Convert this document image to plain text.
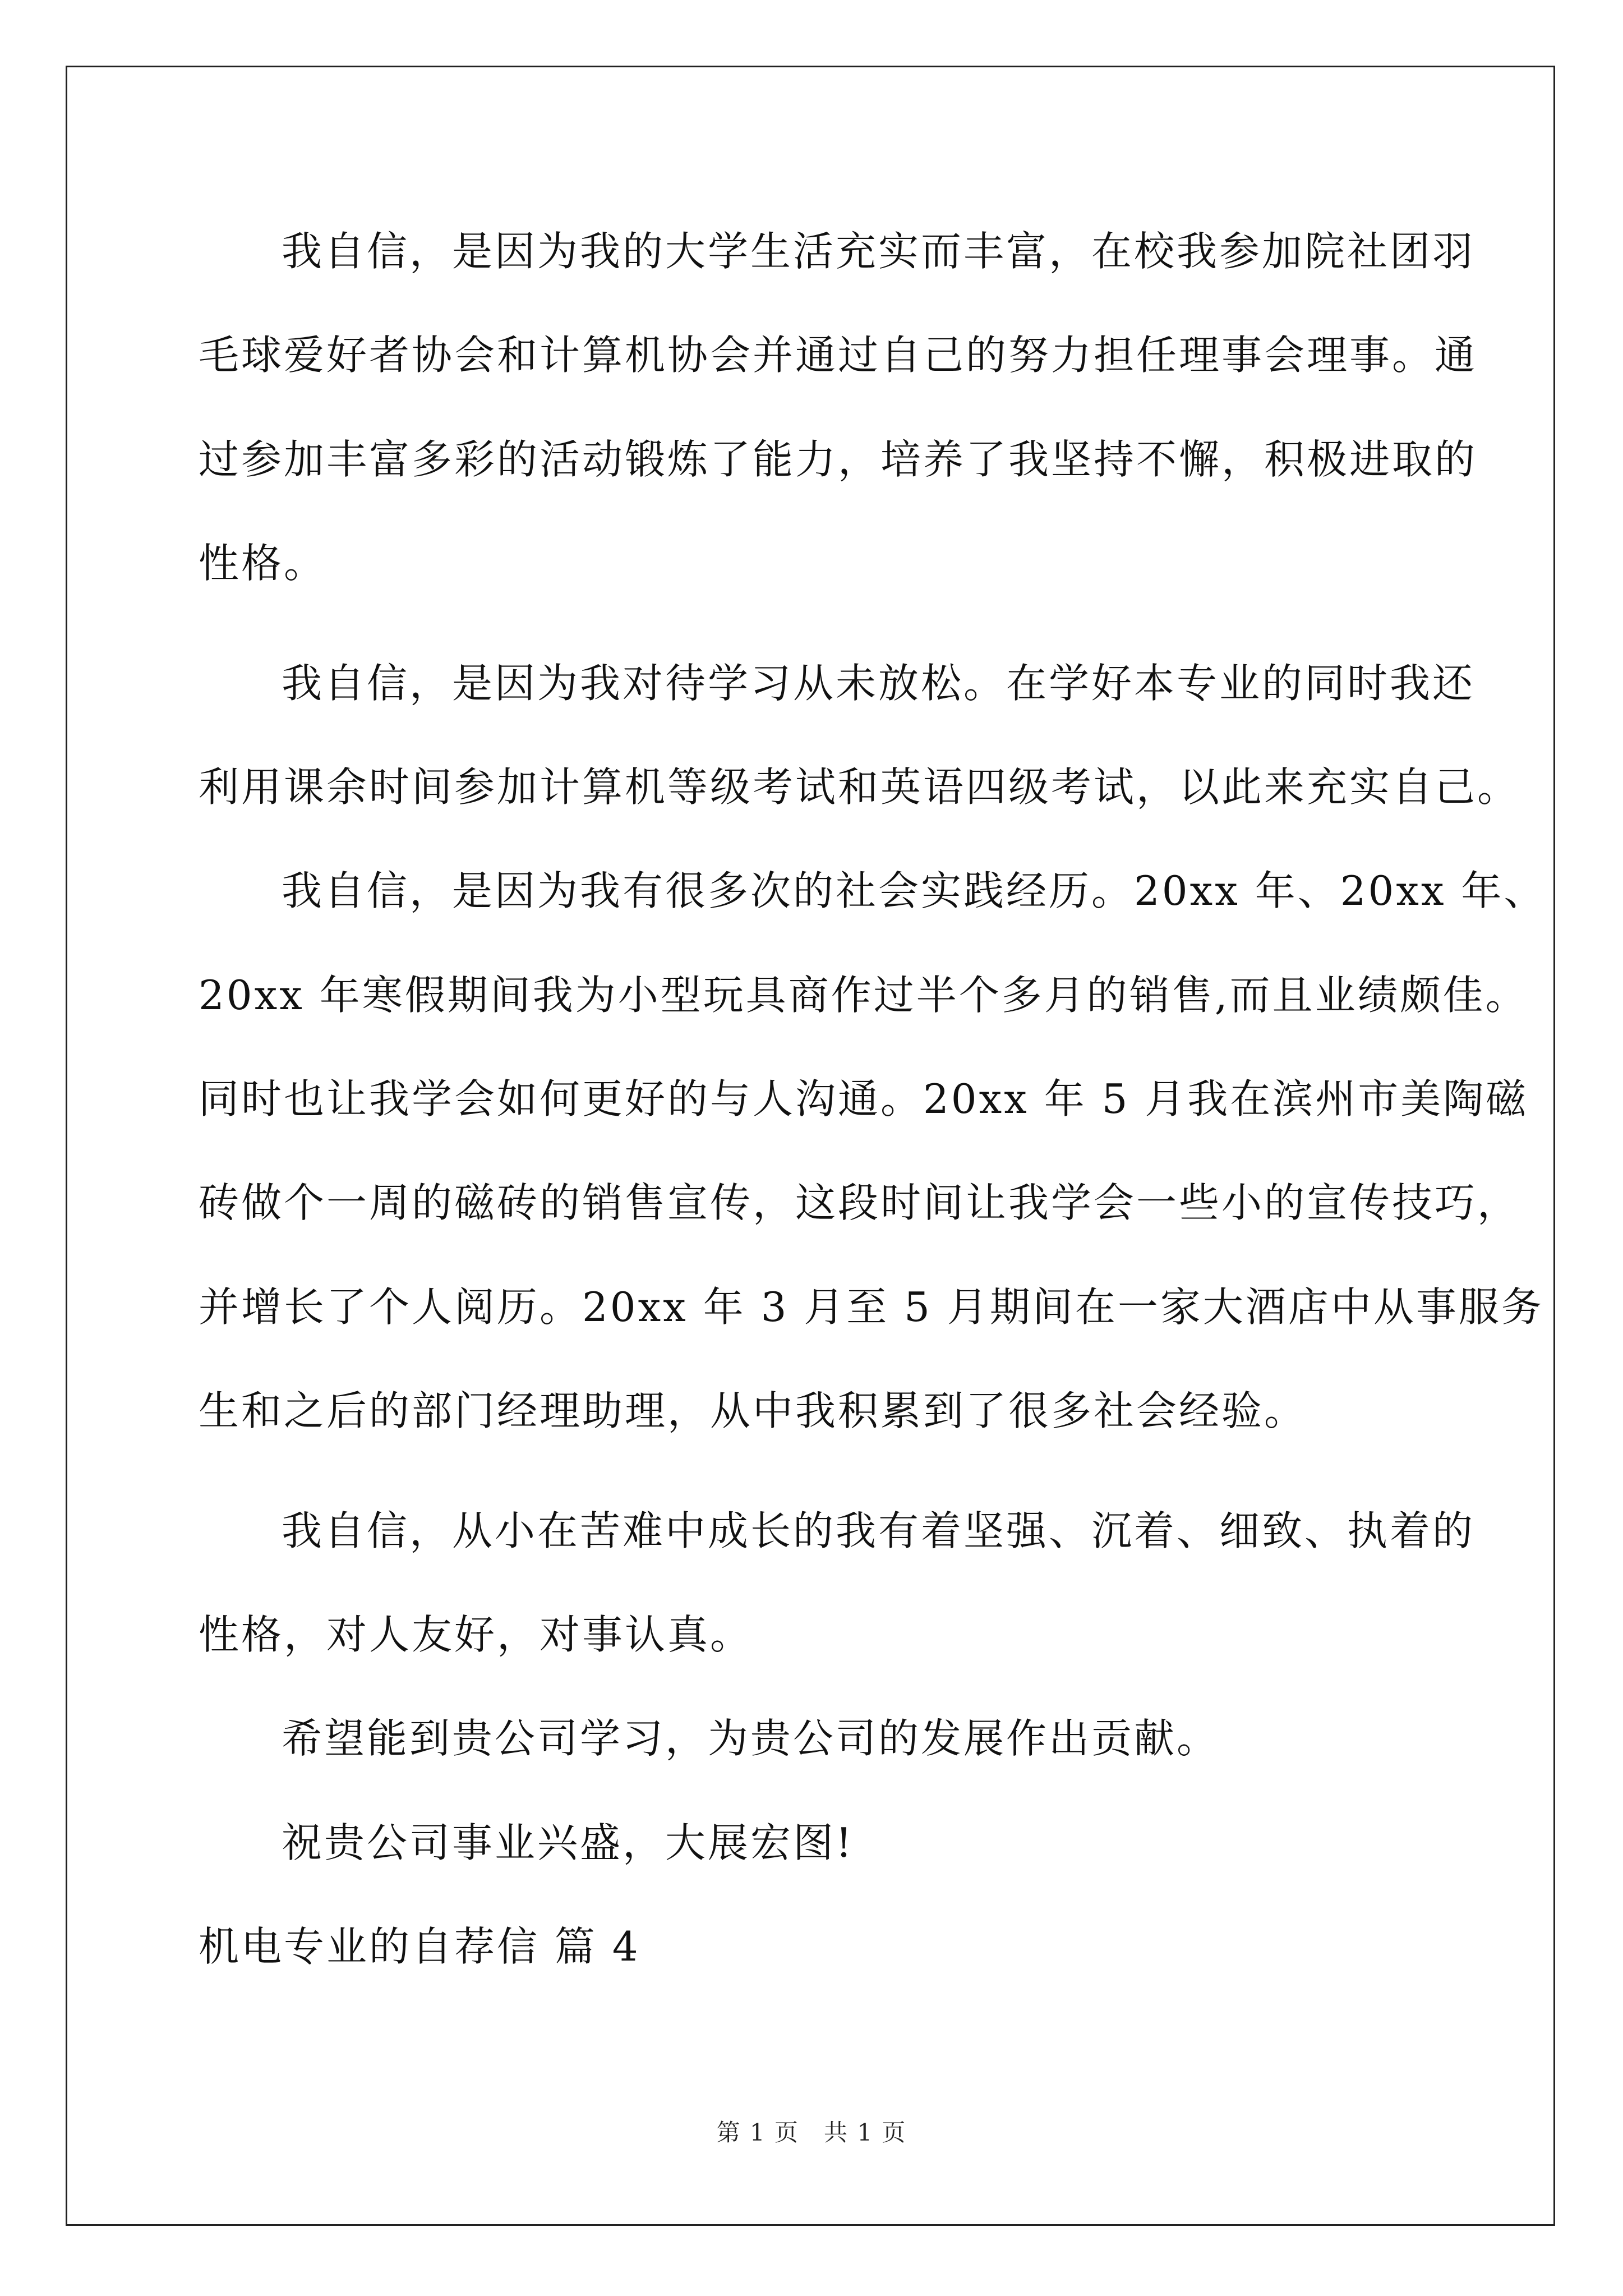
我自信，是因为我的大学生活充实而丰富，在校我参加院社团羽
毛球爱好者协会和计算机协会并通过自己的努力担任理事会理事。通
过参加丰富多彩的活动锻炼了能力，培养了我坚持不懈，积极进取的
性格。
我自信，是因为我对待学习从未放松。在学好本专业的同时我还
利用课余时间参加计算机等级考试和英语四级考试，以此来充实自己。
我自信，是因为我有很多次的社会实践经历。20xx 年、20xx 年、
20xx 年寒假期间我为小型玩具商作过半个多月的销售,而且业绩颇佳。
同时也让我学会如何更好的与人沟通。20xx 年 5 月我在滨州市美陶磁
砖做个一周的磁砖的销售宣传，这段时间让我学会一些小的宣传技巧，
并增长了个人阅历。20xx 年 3 月至 5 月期间在一家大酒店中从事服务
生和之后的部门经理助理，从中我积累到了很多社会经验。
我自信，从小在苦难中成长的我有着坚强、沉着、细致、执着的
性格，对人友好，对事认真。
希望能到贵公司学习，为贵公司的发展作出贡献。
祝贵公司事业兴盛，大展宏图!
机电专业的自荐信 篇 4
第 1 页　共 1 页
